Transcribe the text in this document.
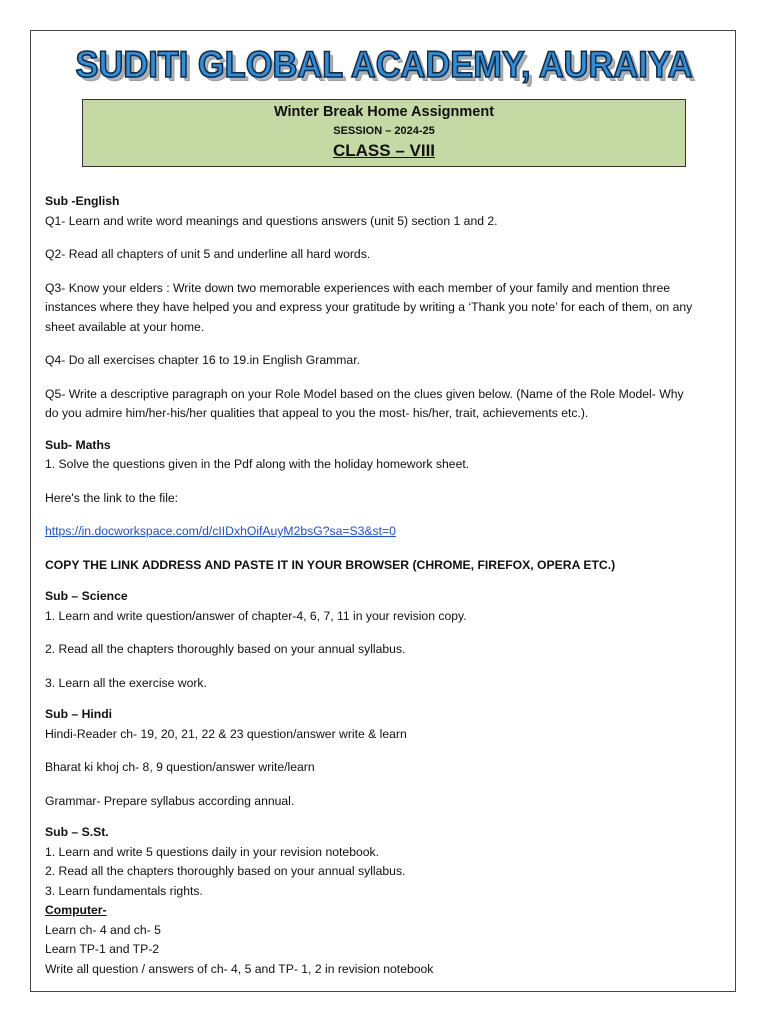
SUDITI GLOBAL ACADEMY, AURAIYA
Winter Break Home Assignment
SESSION – 2024-25
CLASS – VIII

Sub -English

Q1- Learn and write word meanings and questions answers (unit 5) section 1 and 2.

Q2- Read all chapters of unit 5 and underline all hard words.

Q3- Know your elders : Write down two memorable experiences with each member of your family and mention three

instances where they have helped you and express your gratitude by writing a ‘Thank you note’ for each of them, on any

sheet available at your home.

Q4- Do all exercises chapter 16 to 19.in English Grammar.

Q5- Write a descriptive paragraph on your Role Model based on the clues given below. (Name of the Role Model- Why

do you admire him/her-his/her qualities that appeal to you the most- his/her, trait, achievements etc.).

Sub- Maths

1. Solve the questions given in the Pdf along with the holiday homework sheet.

Here's the link to the file:

https://in.docworkspace.com/d/cIIDxhOifAuyM2bsG?sa=S3&st=0

COPY THE LINK ADDRESS AND PASTE IT IN YOUR BROWSER (CHROME, FIREFOX, OPERA ETC.)

Sub – Science

1. Learn and write question/answer of chapter-4, 6, 7, 11 in your revision copy.

2. Read all the chapters thoroughly based on your annual syllabus.

3. Learn all the exercise work.

Sub – Hindi

Hindi-Reader ch- 19, 20, 21, 22 & 23 question/answer write & learn

Bharat ki khoj ch- 8, 9 question/answer write/learn

Grammar- Prepare syllabus according annual.

Sub – S.St.

1. Learn and write 5 questions daily in your revision notebook.

2. Read all the chapters thoroughly based on your annual syllabus.

3. Learn fundamentals rights.

Computer-

Learn ch- 4 and ch- 5

Learn TP-1 and TP-2

Write all question / answers of ch- 4, 5 and TP- 1, 2 in revision notebook
